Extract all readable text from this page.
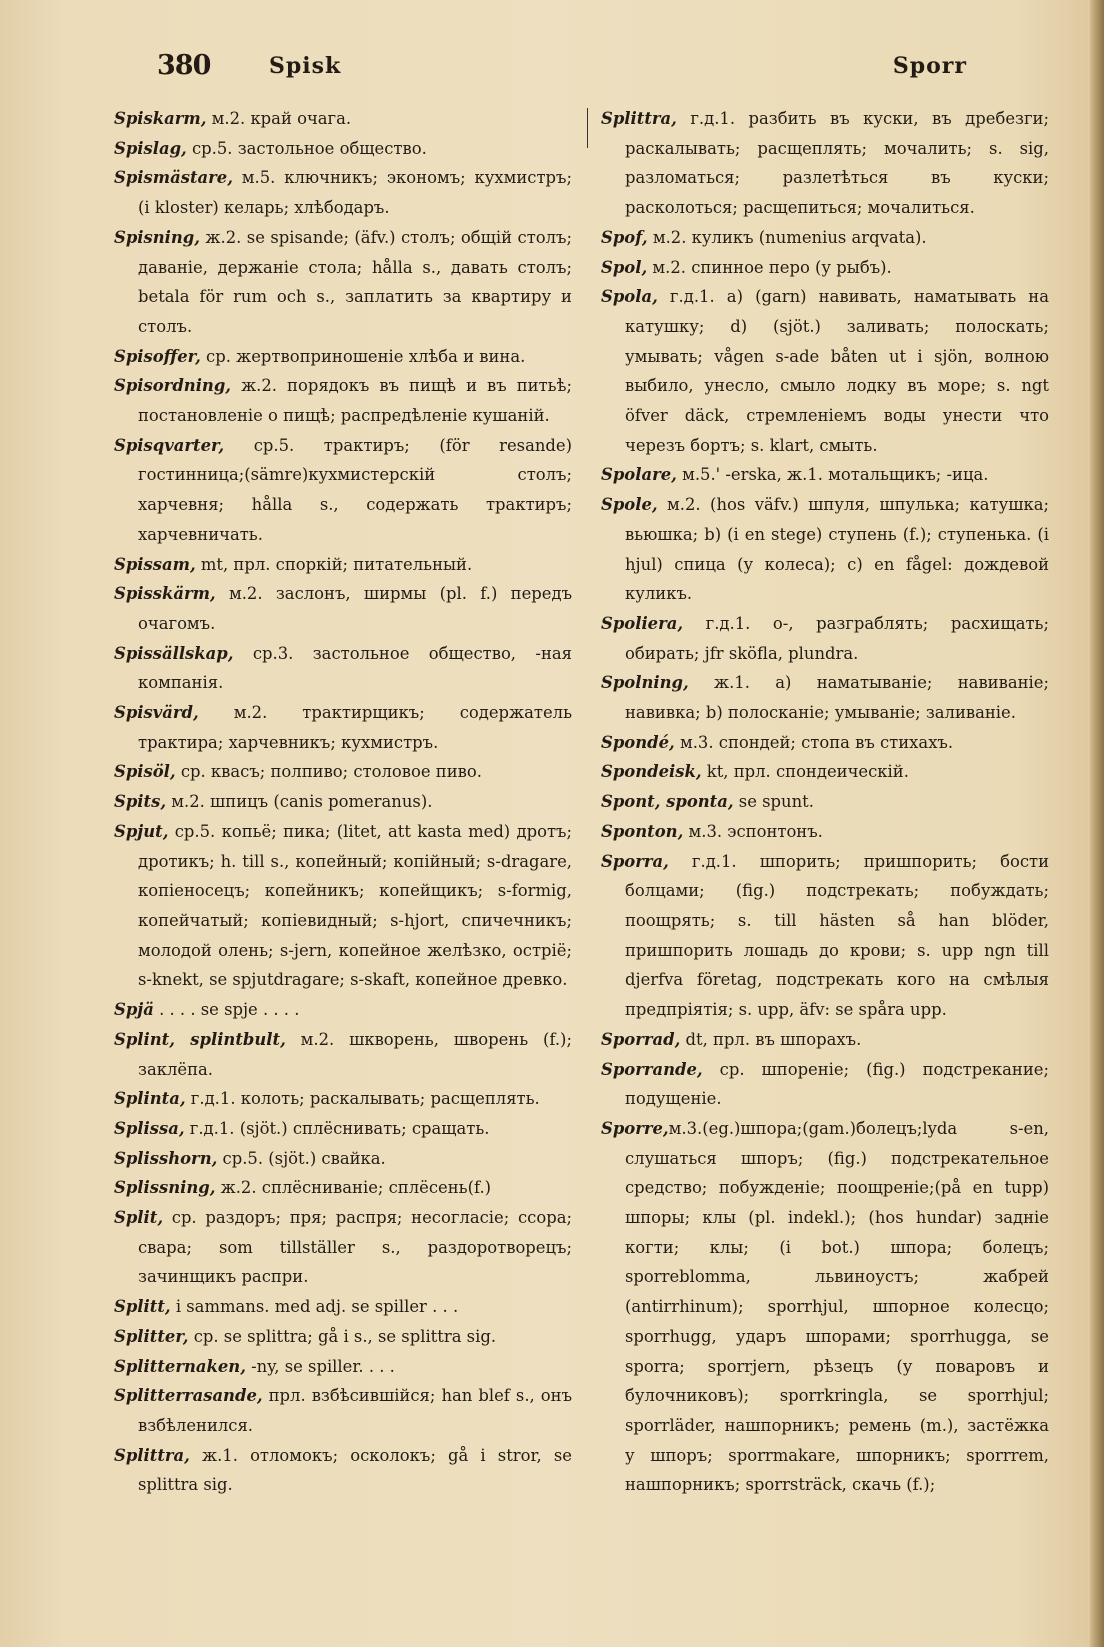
380	Spisk	Sporr

Spiskarm, м.2. край очага.

Spislag, ср.5. застольное общество.

Spismästare, м.5. ключникъ; экономъ; кухмистръ; (i kloster) келарь; хлѣбодаръ.

Spisning, ж.2. se spisande; (äfv.) столъ; общій столъ; даваніе, держаніе стола; hålla s., давать столъ; betala för rum och s., заплатить за квартиру и столъ.

Spisoffer, ср. жертвоприношеніе хлѣба и вина.

Spisordning, ж.2. порядокъ въ пищѣ и въ питьѣ; постановленіе о пищѣ; распредѣленіе кушаній.

Spisqvarter, ср.5. трактиръ; (för resande) гостинница;(sämre)кухмистерскій столъ; харчевня; hålla s., содержать трактиръ; харчевничать.

Spissam, mt, прл. споркій; питательный.

Spisskärm, м.2. заслонъ, ширмы (pl. f.) передъ очагомъ.

Spissällskap, ср.3. застольное общество, -ная компанія.

Spisvärd, м.2. трактирщикъ; содержатель трактира; харчевникъ; кухмистръ.

Spisöl, ср. квасъ; полпиво; столовое пиво.

Spits, м.2. шпицъ (canis pomeranus).

Spjut, ср.5. копьё; пика; (litet, att kasta med) дротъ; дротикъ; h. till s., копейный; копійный; s-dragare, копіеносецъ; копейникъ; копейщикъ; s-formig, копейчатый; копіевидный; s-hjort, спичечникъ; молодой олень; s-jern, копейное желѣзко, остріё; s-knekt, se spjutdragare; s-skaft, копейное древко.

Spjä . . . . se spje . . . .

Splint, splintbult, м.2. шкворень, шворень (f.); заклёпа.

Splinta, г.д.1. колоть; раскалывать; расщеплять.

Splissa, г.д.1. (sjöt.) сплёснивать; сращать.

Splisshorn, ср.5. (sjöt.) свайка.

Splissning, ж.2. сплёсниваніе; сплёсень(f.)

Split, ср. раздоръ; пря; распря; несогласіе; ссора; свара; som tillställer s., раздоротворецъ; зачинщикъ распри.

Splitt, i sammans. med adj. se spiller . . .

Splitter, ср. se splittra; gå i s., se splittra sig.

Splitternaken, -ny, se spiller. . . .

Splitterrasande, прл. взбѣсившійся; han blef s., онъ взбѣленился.

Splittra, ж.1. отломокъ; осколокъ; gå i stror, se splittra sig.

Splittra, г.д.1. разбить въ куски, въ дребезги; раскалывать; расщеплять; мочалить; s. sig, разломаться; разлетѣться въ куски; расколоться; расщепиться; мочалиться.

Spof, м.2. куликъ (numenius arqvata).

Spol, м.2. спинное перо (у рыбъ).

Spola, г.д.1. a) (garn) навивать, наматывать на катушку; d) (sjöt.) заливать; полоскать; умывать; vågen s-ade båten ut i sjön, волною выбило, унесло, смыло лодку въ море; s. ngt öfver däck, стремленіемъ воды унести что черезъ бортъ; s. klart, смыть.

Spolare, м.5.' -erska, ж.1. мотальщикъ; -ица.

Spole, м.2. (hos väfv.) шпуля, шпулька; катушка; вьюшка; b) (i en stege) ступень (f.); ступенька. (i hjul) спица (у колеса); c) en fågel: дождевой куликъ.

Spoliera, г.д.1. о-, разграблять; расхищать; обирать; jfr sköfla, plundra.

Spolning, ж.1. a) наматываніе; навиваніе; навивка; b) полосканіе; умываніе; заливаніе.

Spondé, м.3. спондей; стопа въ стихахъ.

Spondeisk, kt, прл. спондеическій.

Spont, sponta, se spunt.

Sponton, м.3. эспонтонъ.

Sporra, г.д.1. шпорить; пришпорить; бости болцами; (fig.) подстрекать; побуждать; поощрять; s. till hästen så han blöder, пришпорить лошадь до крови; s. upp ngn till djerfva företag, подстрекать кого на смѣлыя предпріятія; s. upp, äfv: se spåra upp.

Sporrad, dt, прл. въ шпорахъ.

Sporrande, ср. шпореніе; (fig.) подстрекание; подущеніе.

Sporre,м.3.(eg.)шпора;(gam.)болецъ;lyda s-en, слушаться шпоръ; (fig.) подстрекательное средство; побужденіе; поощреніе;(på en tupp) шпоры; клы (pl. indekl.); (hos hundar) задніе когти; клы; (i bot.) шпора; болецъ; sporreblomma, львиноустъ; жабрей (antirrhinum); sporrhjul, шпорное колесцо; sporrhugg, ударъ шпорами; sporrhugga, se sporra; sporrjern, рѣзецъ (у поваровъ и булочниковъ); sporrkringla, se sporrhjul; sporrläder, нашпорникъ; ремень (m.), застёжка у шпоръ; sporrmakare, шпорникъ; sporrrem, нашпорникъ; sporrsträck, скачь (f.);
